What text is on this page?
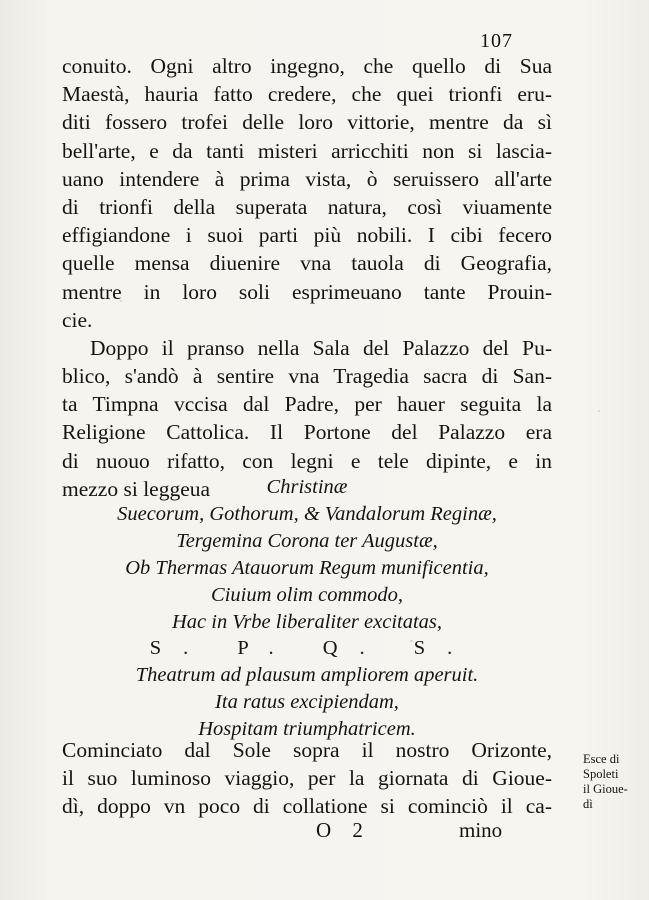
107
conuito. Ogni altro ingegno, che quello di Sua
Maestà, hauria fatto credere, che quei trionfi eru-
diti fossero trofei delle loro vittorie, mentre da sì
bell'arte, e da tanti misteri arricchiti non si lascia-
uano intendere à prima vista, ò seruissero all'arte
di trionfi della superata natura, così viuamente
effigiandone i suoi parti più nobili. I cibi fecero
quelle mensa diuenire vna tauola di Geografia,
mentre in loro soli esprimeuano tante Prouin-
cie.
Doppo il pranso nella Sala del Palazzo del Pu-
blico, s'andò à sentire vna Tragedia sacra di San-
ta Timpna vccisa dal Padre, per hauer seguita la
Religione Cattolica. Il Portone del Palazzo era
di nuouo rifatto, con legni e tele dipinte, e in
mezzo si leggeua	Christinæ
Suecorum, Gothorum, & Vandalorum Reginæ,
Tergemina Corona ter Augustæ,
Ob Thermas Atauorum Regum munificentia,
Ciuium olim commodo,
Hac in Vrbe liberaliter excitatas,
S. P. Q. S.
Theatrum ad plausum ampliorem aperuit.
Ita ratus excipiendam,
Hospitam triumphatricem.
Cominciato dal Sole sopra il nostro Orizonte,
il suo luminoso viaggio, per la giornata di Gioue-
dì, doppo vn poco di collatione si cominciò il ca-
Esce di
Spoleti
il Gioue-
dì
O 2	mino
